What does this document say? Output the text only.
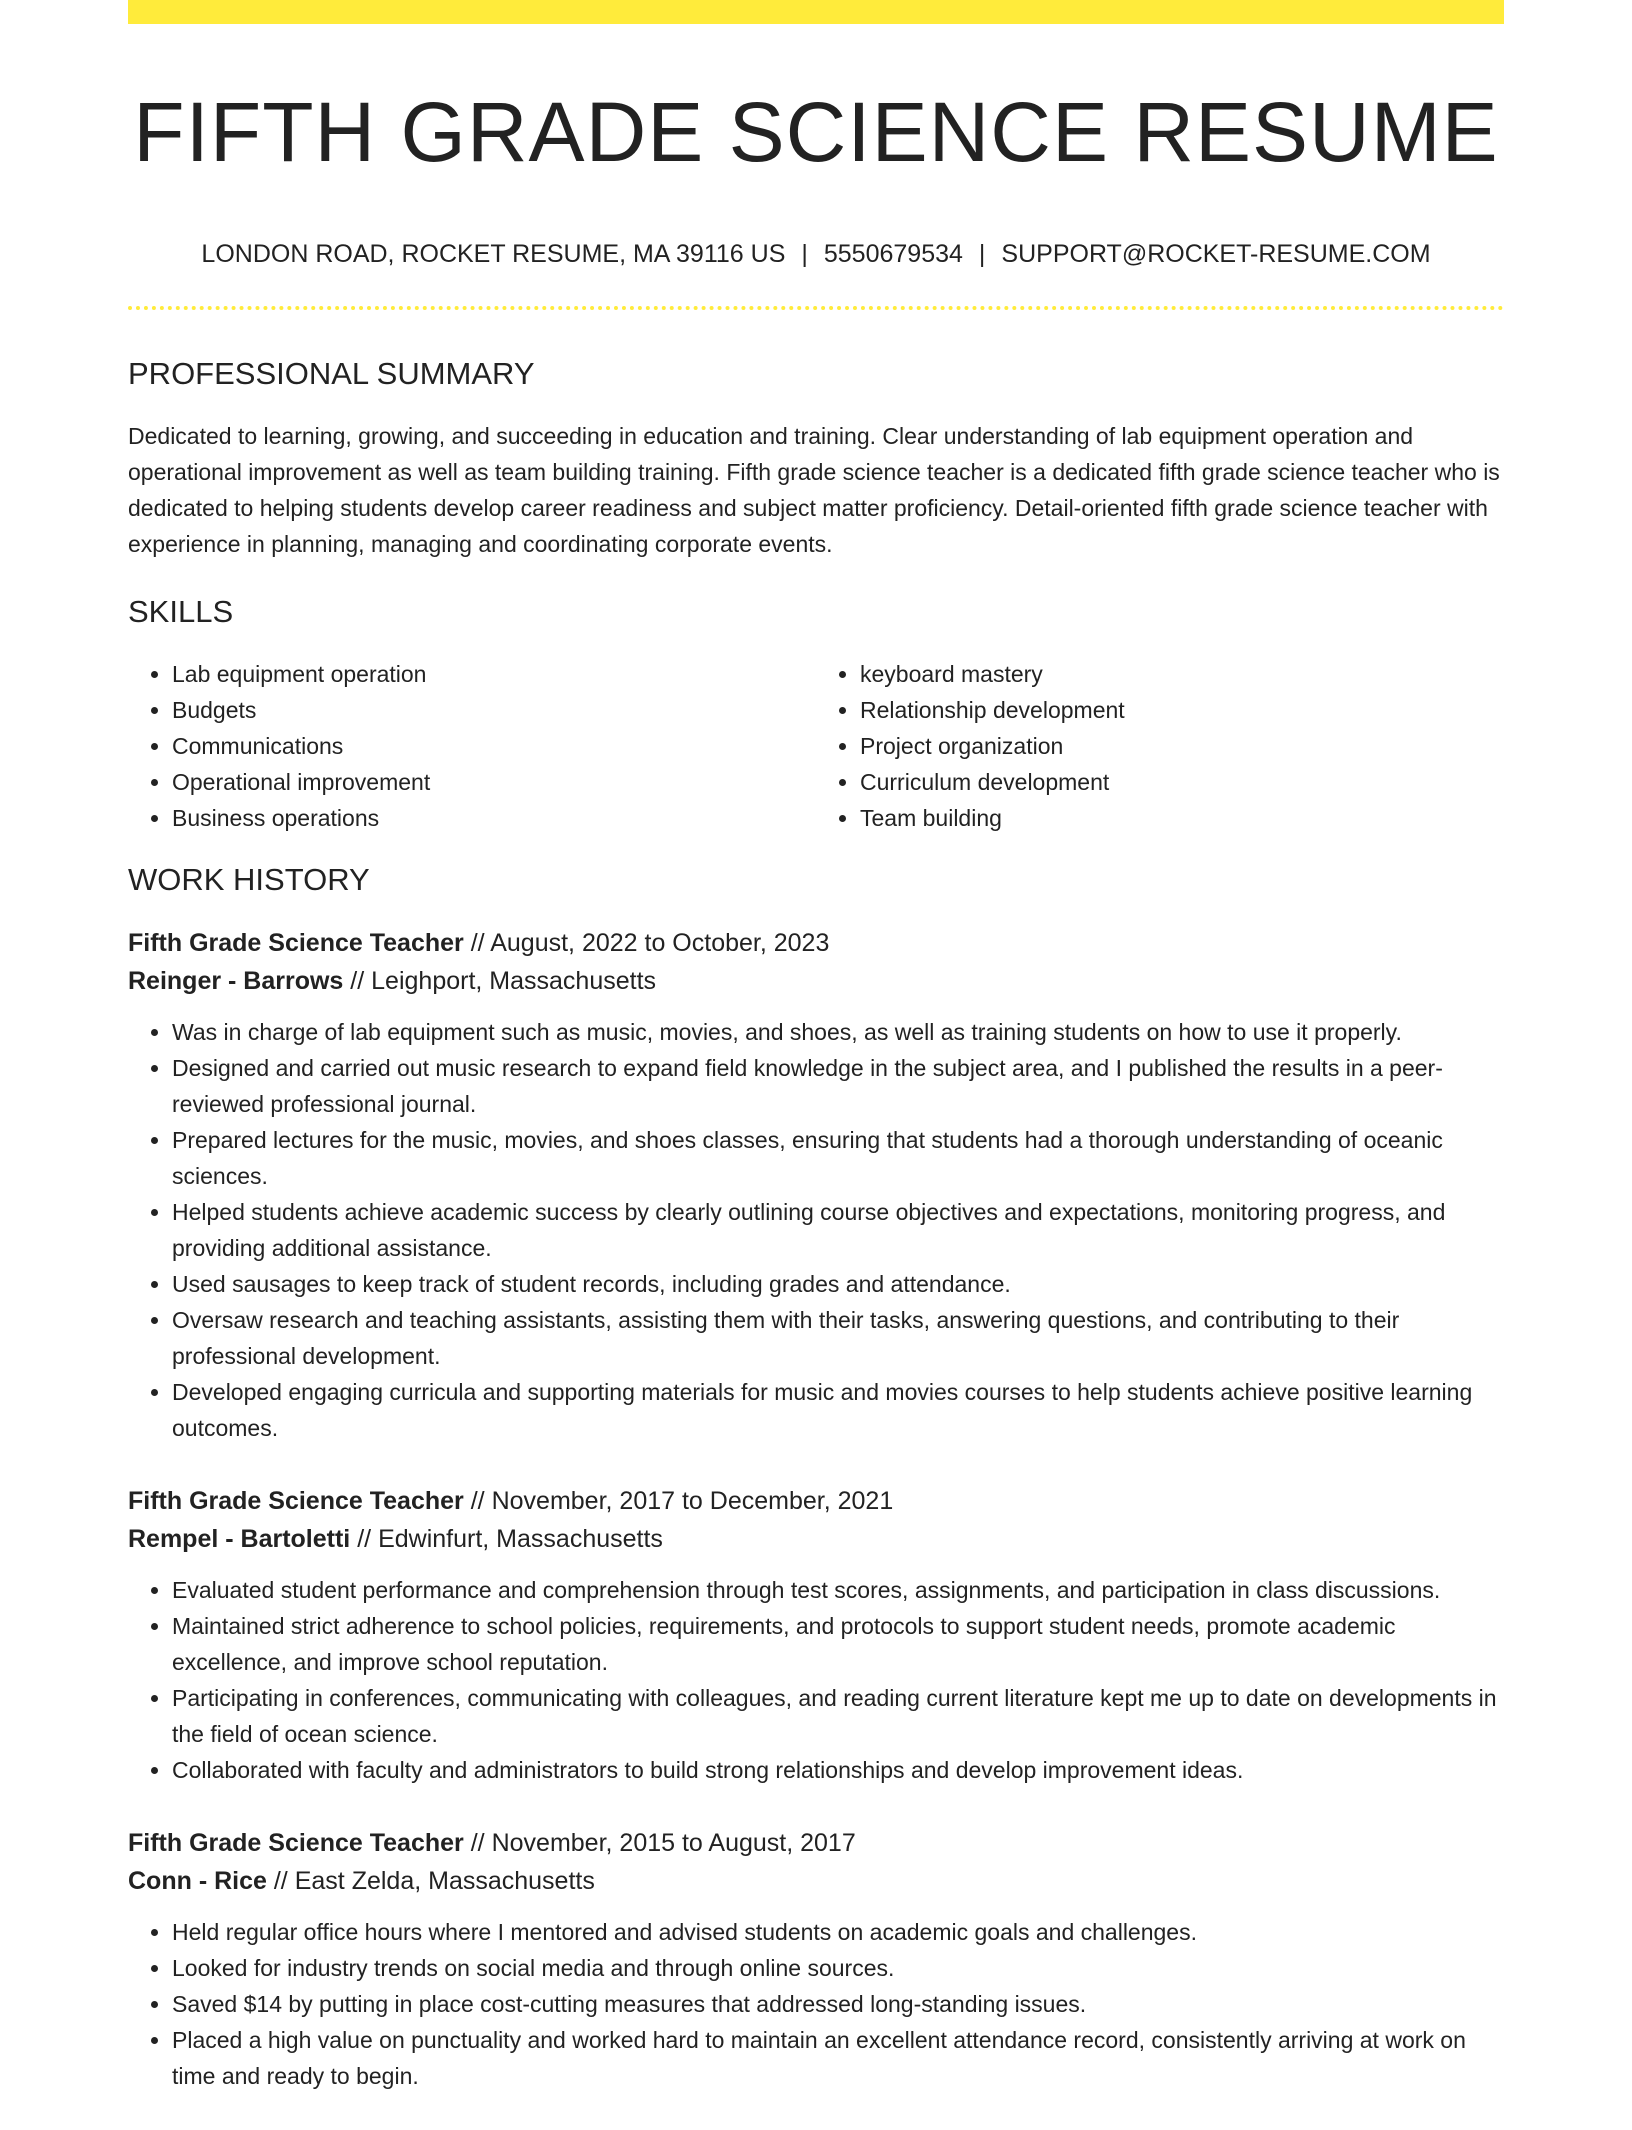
FIFTH GRADE SCIENCE RESUME
LONDON ROAD, ROCKET RESUME, MA 39116 US | 5550679534 | SUPPORT@ROCKET-RESUME.COM
PROFESSIONAL SUMMARY

Dedicated to learning, growing, and succeeding in education and training. Clear understanding of lab equipment operation and operational improvement as well as team building training. Fifth grade science teacher is a dedicated fifth grade science teacher who is dedicated to helping students develop career readiness and subject matter proficiency. Detail-oriented fifth grade science teacher with experience in planning, managing and coordinating corporate events.

SKILLS
• Lab equipment operation
• Budgets
• Communications
• Operational improvement
• Business operations
• keyboard mastery
• Relationship development
• Project organization
• Curriculum development
• Team building
WORK HISTORY
Fifth Grade Science Teacher // August, 2022 to October, 2023
Reinger - Barrows // Leighport, Massachusetts
• Was in charge of lab equipment such as music, movies, and shoes, as well as training students on how to use it properly.
• Designed and carried out music research to expand field knowledge in the subject area, and I published the results in a peer-reviewed professional journal.
• Prepared lectures for the music, movies, and shoes classes, ensuring that students had a thorough understanding of oceanic sciences.
• Helped students achieve academic success by clearly outlining course objectives and expectations, monitoring progress, and providing additional assistance.
• Used sausages to keep track of student records, including grades and attendance.
• Oversaw research and teaching assistants, assisting them with their tasks, answering questions, and contributing to their professional development.
• Developed engaging curricula and supporting materials for music and movies courses to help students achieve positive learning outcomes.
Fifth Grade Science Teacher // November, 2017 to December, 2021
Rempel - Bartoletti // Edwinfurt, Massachusetts
• Evaluated student performance and comprehension through test scores, assignments, and participation in class discussions.
• Maintained strict adherence to school policies, requirements, and protocols to support student needs, promote academic excellence, and improve school reputation.
• Participating in conferences, communicating with colleagues, and reading current literature kept me up to date on developments in the field of ocean science.
• Collaborated with faculty and administrators to build strong relationships and develop improvement ideas.
Fifth Grade Science Teacher // November, 2015 to August, 2017
Conn - Rice // East Zelda, Massachusetts
• Held regular office hours where I mentored and advised students on academic goals and challenges.
• Looked for industry trends on social media and through online sources.
• Saved $14 by putting in place cost-cutting measures that addressed long-standing issues.
• Placed a high value on punctuality and worked hard to maintain an excellent attendance record, consistently arriving at work on time and ready to begin.
